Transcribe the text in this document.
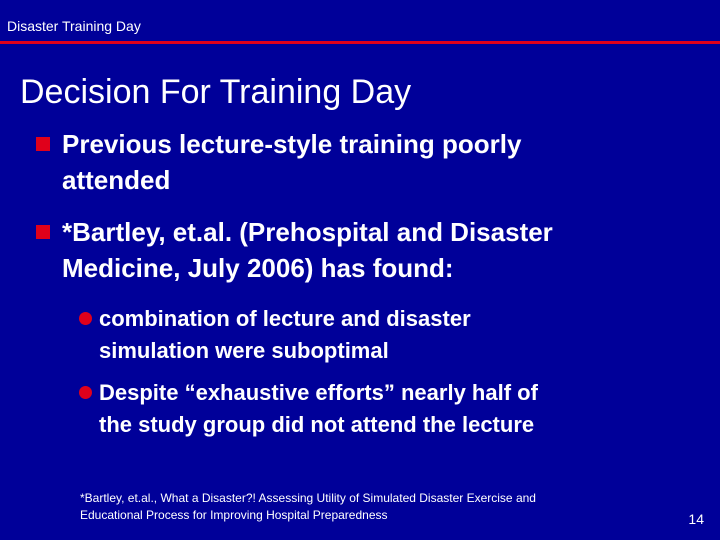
Disaster Training Day
Decision For Training Day
Previous lecture-style training poorly
attended
*Bartley, et.al. (Prehospital and Disaster
Medicine, July 2006) has found:
combination of lecture and disaster
simulation were suboptimal
Despite “exhaustive efforts” nearly half of
the study group did not attend the lecture
*Bartley, et.al., What a Disaster?! Assessing Utility of Simulated Disaster Exercise and
Educational Process for Improving Hospital Preparedness	14
